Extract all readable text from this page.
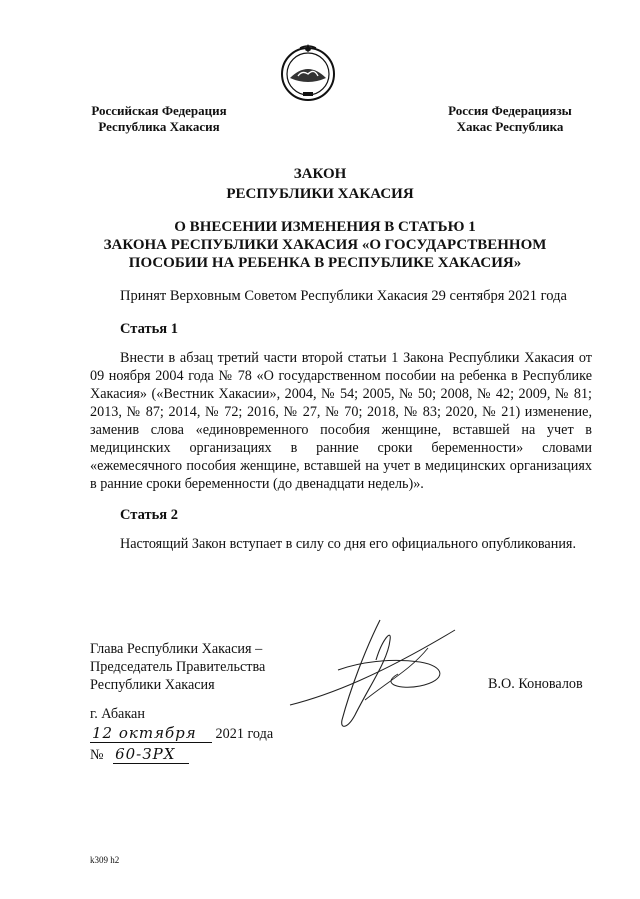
Российская Федерация
Республика Хакасия
Россия Федерациязы
Хакас Республика
ЗАКОН
РЕСПУБЛИКИ ХАКАСИЯ
О ВНЕСЕНИИ ИЗМЕНЕНИЯ В СТАТЬЮ 1
ЗАКОНА РЕСПУБЛИКИ ХАКАСИЯ «О ГОСУДАРСТВЕННОМ
ПОСОБИИ НА РЕБЕНКА В РЕСПУБЛИКЕ ХАКАСИЯ»
Принят Верховным Советом Республики Хакасия 29 сентября 2021 года
Статья 1
Внести в абзац третий части второй статьи 1 Закона Республики Хакасия от 09 ноября 2004 года № 78 «О государственном пособии на ребенка в Республике Хакасия» («Вестник Хакасии», 2004, № 54; 2005, № 50; 2008, № 42; 2009, № 81; 2013, № 87; 2014, № 72; 2016, № 27, № 70; 2018, № 83; 2020, № 21) изменение, заменив слова «единовременного пособия женщине, вставшей на учет в медицинских организациях в ранние сроки беременности» словами «ежемесячного пособия женщине, вставшей на учет в медицинских организациях в ранние сроки беременности (до двенадцати недель)».
Статья 2
Настоящий Закон вступает в силу со дня его официального опубликования.
Глава Республики Хакасия –
Председатель Правительства
Республики Хакасия	В.О. Коновалов
г. Абакан
12 октября 2021 года
№ 60-ЗРХ
k309 h2
